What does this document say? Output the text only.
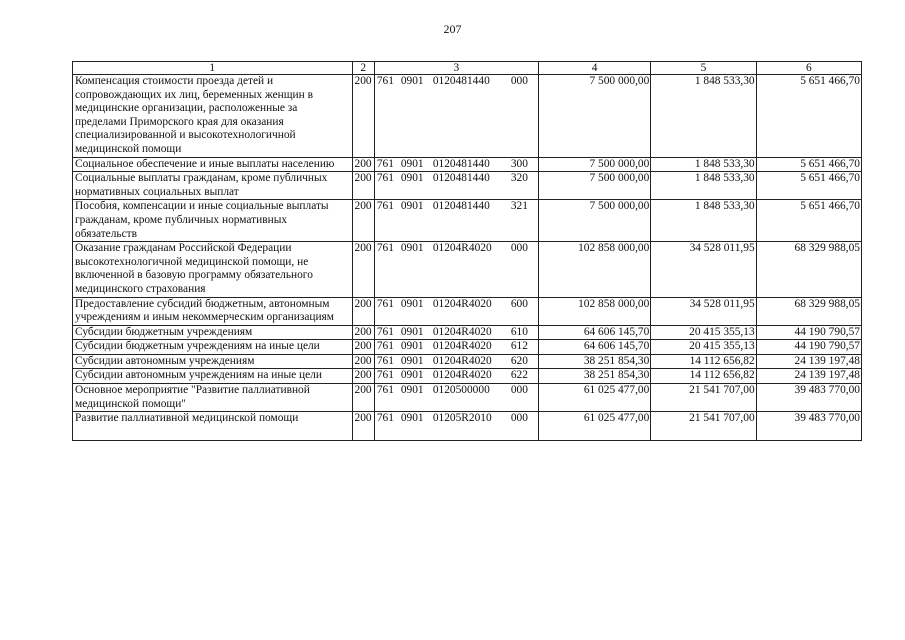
207
1	2	3	4	5	6
Компенсация стоимости проезда детей и сопровождающих их лиц, беременных женщин в медицинские организации, расположенные за пределами Приморского края для оказания специализированной и высокотехнологичной медицинской помощи	200	761 0901 0120481440 000	7 500 000,00	1 848 533,30	5 651 466,70
Социальное обеспечение и иные выплаты населению	200	761 0901 0120481440 300	7 500 000,00	1 848 533,30	5 651 466,70
Социальные выплаты гражданам, кроме публичных нормативных социальных выплат	200	761 0901 0120481440 320	7 500 000,00	1 848 533,30	5 651 466,70
Пособия, компенсации и иные социальные выплаты гражданам, кроме публичных нормативных обязательств	200	761 0901 0120481440 321	7 500 000,00	1 848 533,30	5 651 466,70
Оказание гражданам Российской Федерации высокотехнологичной медицинской помощи, не включенной в базовую программу обязательного медицинского страхования	200	761 0901 01204R4020 000	102 858 000,00	34 528 011,95	68 329 988,05
Предоставление субсидий бюджетным, автономным учреждениям и иным некоммерческим организациям	200	761 0901 01204R4020 600	102 858 000,00	34 528 011,95	68 329 988,05
Субсидии бюджетным учреждениям	200	761 0901 01204R4020 610	64 606 145,70	20 415 355,13	44 190 790,57
Субсидии бюджетным учреждениям на иные цели	200	761 0901 01204R4020 612	64 606 145,70	20 415 355,13	44 190 790,57
Субсидии автономным учреждениям	200	761 0901 01204R4020 620	38 251 854,30	14 112 656,82	24 139 197,48
Субсидии автономным учреждениям на иные цели	200	761 0901 01204R4020 622	38 251 854,30	14 112 656,82	24 139 197,48
Основное мероприятие "Развитие паллиативной медицинской помощи"	200	761 0901 0120500000 000	61 025 477,00	21 541 707,00	39 483 770,00
Развитие паллиативной медицинской помощи	200	761 0901 01205R2010 000	61 025 477,00	21 541 707,00	39 483 770,00
